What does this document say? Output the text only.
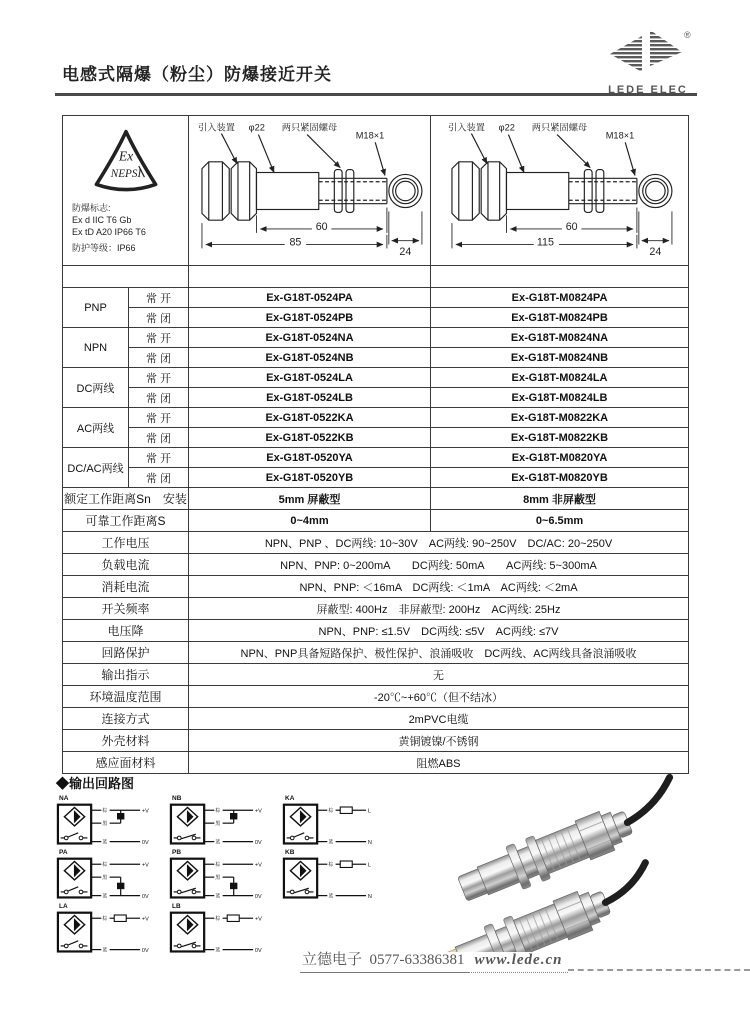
电感式隔爆（粉尘）防爆接近开关
®
LEDE ELEC
Ex
NEPSI
防爆标志:
Ex d IIC T6 Gb
Ex tD A20 IP66 T6
防护等级：IP66

引入装置 φ22 两只紧固螺母
M18×1
60
85
24

引入装置 φ22 两只紧固螺母
M18×1
60
115
24

PNP	常 开	Ex-G18T-0524PA	Ex-G18T-M0824PA
	常 闭	Ex-G18T-0524PB	Ex-G18T-M0824PB
NPN	常 开	Ex-G18T-0524NA	Ex-G18T-M0824NA
	常 闭	Ex-G18T-0524NB	Ex-G18T-M0824NB
DC两线	常 开	Ex-G18T-0524LA	Ex-G18T-M0824LA
	常 闭	Ex-G18T-0524LB	Ex-G18T-M0824LB
AC两线	常 开	Ex-G18T-0522KA	Ex-G18T-M0822KA
	常 闭	Ex-G18T-0522KB	Ex-G18T-M0822KB
DC/AC两线	常 开	Ex-G18T-0520YA	Ex-G18T-M0820YA
	常 闭	Ex-G18T-0520YB	Ex-G18T-M0820YB
额定工作距离Sn　安装		5mm 屏蔽型	8mm 非屏蔽型
可靠工作距离S		0~4mm	0~6.5mm
工作电压		NPN、PNP 、DC两线: 10~30V　AC两线: 90~250V　DC/AC: 20~250V	
负载电流		NPN、PNP: 0~200mA　　DC两线: 50mA　　AC两线: 5~300mA	
消耗电流		NPN、PNP: ＜16mA　DC两线: ＜1mA　AC两线: ＜2mA	
开关频率		屏蔽型: 400Hz　非屏蔽型: 200Hz　AC两线: 25Hz	
电压降		NPN、PNP: ≤1.5V　DC两线: ≤5V　AC两线: ≤7V	
回路保护		NPN、PNP具备短路保护、极性保护、浪涌吸收　DC两线、AC两线具备浪涌吸收	
输出指示		无	
环境温度范围		-20℃~+60℃（但不结冰）	
连接方式		2mPVC电缆	
外壳材料		黄铜镀镍/不锈钢	
感应面材料		阻燃ABS	
◆输出回路图
NA
棕
蓝
+V
0V
黑
NB
棕
蓝
+V
0V
黑
KA
棕
蓝
L
N
PA
棕
蓝
+V
0V
黑
PB
棕
蓝
+V
0V
黑
KB
棕
蓝
L
N
LA
棕
蓝
+V
0V
LB
棕
蓝
+V
0V
立德电子 0577-63386381 www.lede.cn
